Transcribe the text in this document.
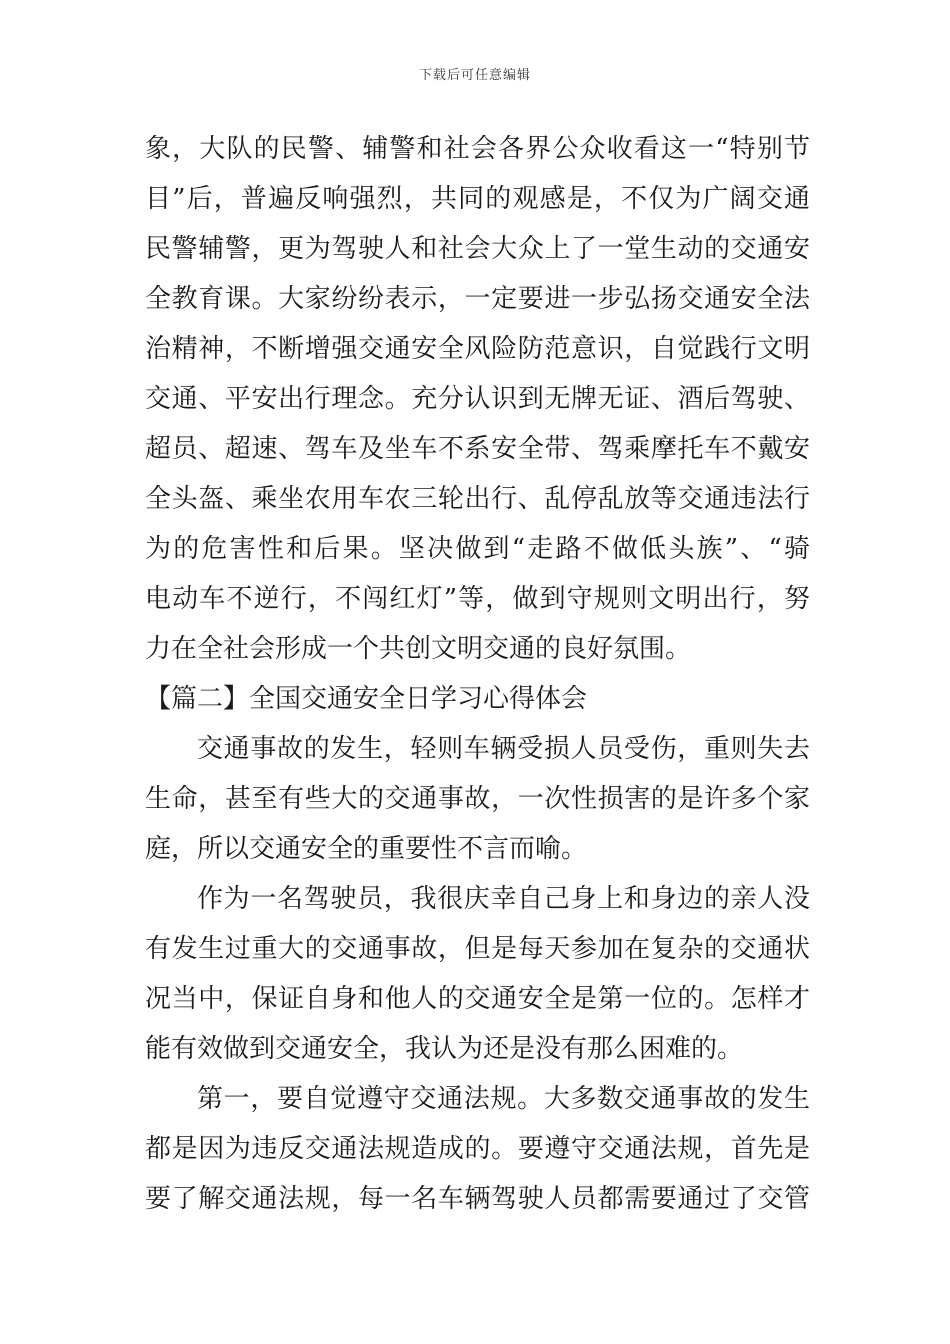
下载后可任意编辑
象，大队的民警、辅警和社会各界公众收看这一“特别节
目”后，普遍反响强烈，共同的观感是，不仅为广阔交通
民警辅警，更为驾驶人和社会大众上了一堂生动的交通安
全教育课。大家纷纷表示，一定要进一步弘扬交通安全法
治精神，不断增强交通安全风险防范意识，自觉践行文明
交通、平安出行理念。充分认识到无牌无证、酒后驾驶、
超员、超速、驾车及坐车不系安全带、驾乘摩托车不戴安
全头盔、乘坐农用车农三轮出行、乱停乱放等交通违法行
为的危害性和后果。坚决做到“走路不做低头族”、“骑
电动车不逆行，不闯红灯”等，做到守规则文明出行，努
力在全社会形成一个共创文明交通的良好氛围。
【篇二】全国交通安全日学习心得体会
交通事故的发生，轻则车辆受损人员受伤，重则失去
生命，甚至有些大的交通事故，一次性损害的是许多个家
庭，所以交通安全的重要性不言而喻。
作为一名驾驶员，我很庆幸自己身上和身边的亲人没
有发生过重大的交通事故，但是每天参加在复杂的交通状
况当中，保证自身和他人的交通安全是第一位的。怎样才
能有效做到交通安全，我认为还是没有那么困难的。
第一，要自觉遵守交通法规。大多数交通事故的发生
都是因为违反交通法规造成的。要遵守交通法规，首先是
要了解交通法规，每一名车辆驾驶人员都需要通过了交管
